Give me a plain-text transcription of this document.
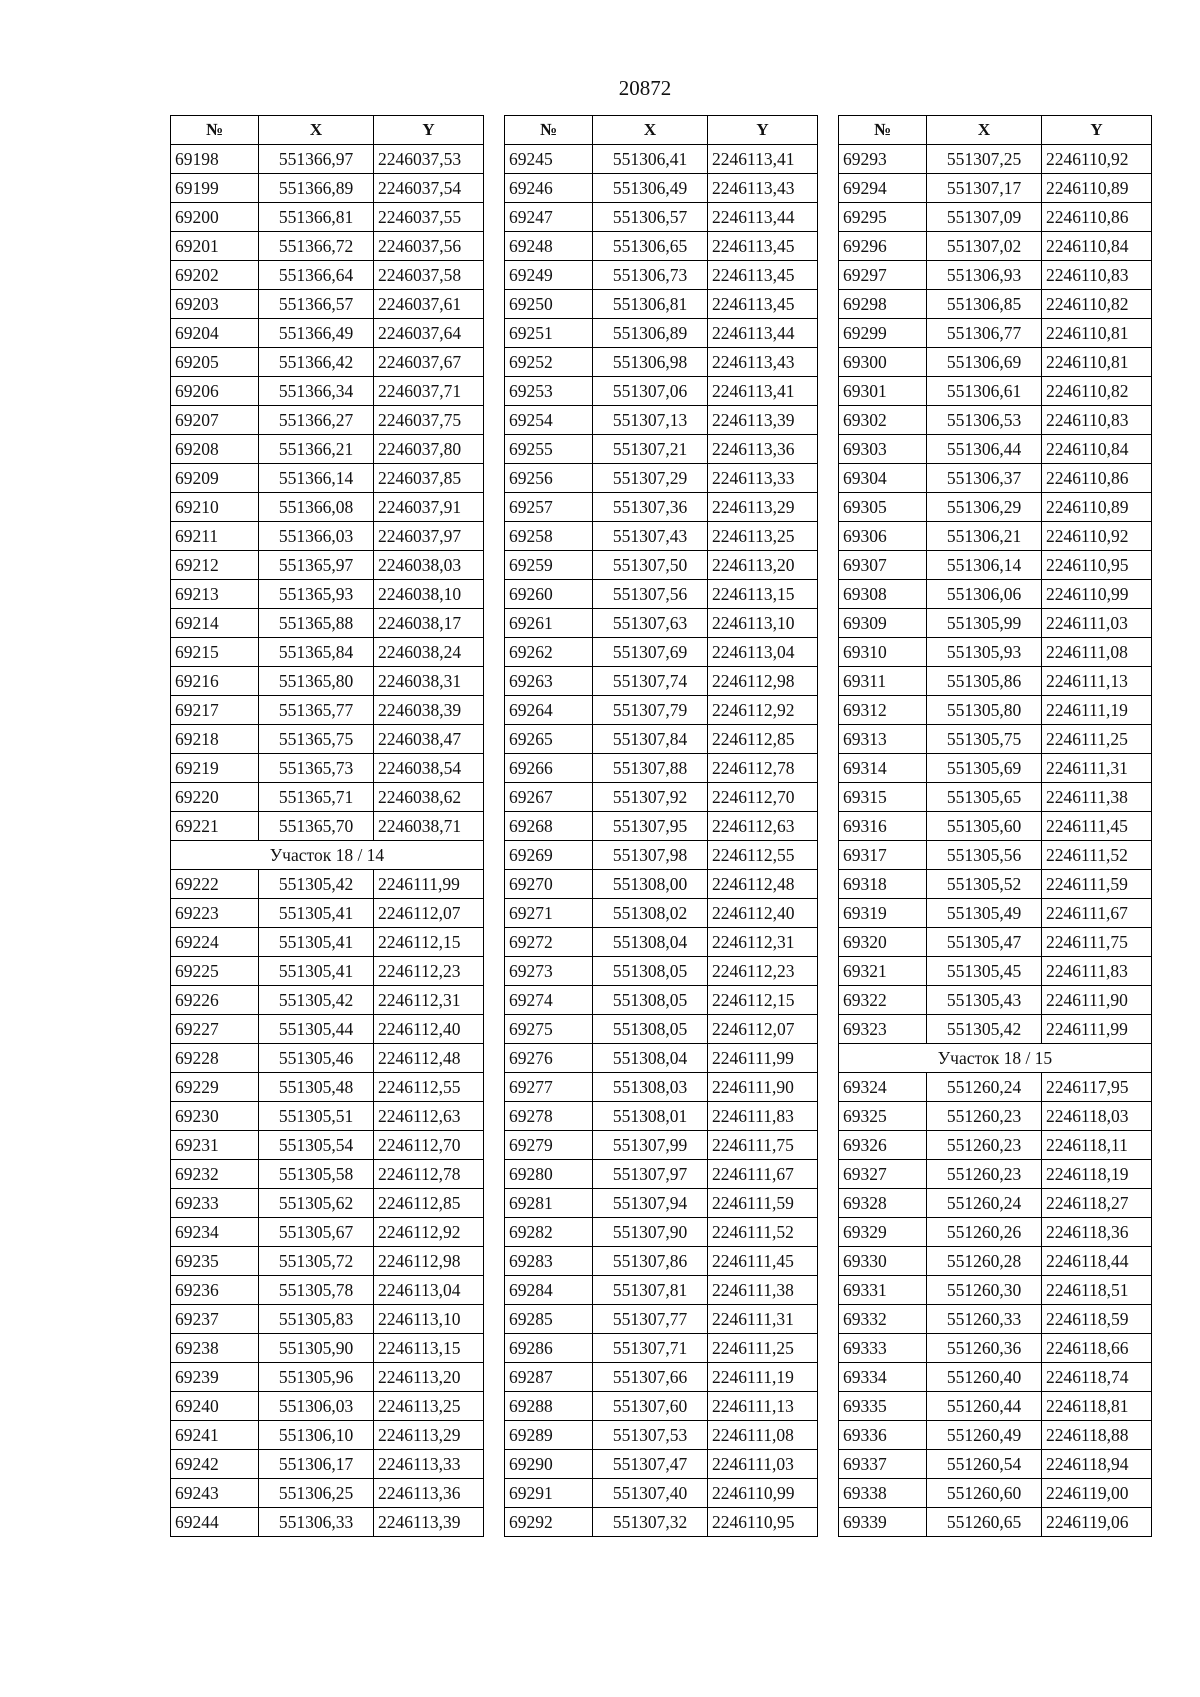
20872
№	X	Y
69198	551366,97	2246037,53
69199	551366,89	2246037,54
69200	551366,81	2246037,55
69201	551366,72	2246037,56
69202	551366,64	2246037,58
69203	551366,57	2246037,61
69204	551366,49	2246037,64
69205	551366,42	2246037,67
69206	551366,34	2246037,71
69207	551366,27	2246037,75
69208	551366,21	2246037,80
69209	551366,14	2246037,85
69210	551366,08	2246037,91
69211	551366,03	2246037,97
69212	551365,97	2246038,03
69213	551365,93	2246038,10
69214	551365,88	2246038,17
69215	551365,84	2246038,24
69216	551365,80	2246038,31
69217	551365,77	2246038,39
69218	551365,75	2246038,47
69219	551365,73	2246038,54
69220	551365,71	2246038,62
69221	551365,70	2246038,71
Участок 18 / 14		
69222	551305,42	2246111,99
69223	551305,41	2246112,07
69224	551305,41	2246112,15
69225	551305,41	2246112,23
69226	551305,42	2246112,31
69227	551305,44	2246112,40
69228	551305,46	2246112,48
69229	551305,48	2246112,55
69230	551305,51	2246112,63
69231	551305,54	2246112,70
69232	551305,58	2246112,78
69233	551305,62	2246112,85
69234	551305,67	2246112,92
69235	551305,72	2246112,98
69236	551305,78	2246113,04
69237	551305,83	2246113,10
69238	551305,90	2246113,15
69239	551305,96	2246113,20
69240	551306,03	2246113,25
69241	551306,10	2246113,29
69242	551306,17	2246113,33
69243	551306,25	2246113,36
69244	551306,33	2246113,39
№	X	Y
69245	551306,41	2246113,41
69246	551306,49	2246113,43
69247	551306,57	2246113,44
69248	551306,65	2246113,45
69249	551306,73	2246113,45
69250	551306,81	2246113,45
69251	551306,89	2246113,44
69252	551306,98	2246113,43
69253	551307,06	2246113,41
69254	551307,13	2246113,39
69255	551307,21	2246113,36
69256	551307,29	2246113,33
69257	551307,36	2246113,29
69258	551307,43	2246113,25
69259	551307,50	2246113,20
69260	551307,56	2246113,15
69261	551307,63	2246113,10
69262	551307,69	2246113,04
69263	551307,74	2246112,98
69264	551307,79	2246112,92
69265	551307,84	2246112,85
69266	551307,88	2246112,78
69267	551307,92	2246112,70
69268	551307,95	2246112,63
69269	551307,98	2246112,55
69270	551308,00	2246112,48
69271	551308,02	2246112,40
69272	551308,04	2246112,31
69273	551308,05	2246112,23
69274	551308,05	2246112,15
69275	551308,05	2246112,07
69276	551308,04	2246111,99
69277	551308,03	2246111,90
69278	551308,01	2246111,83
69279	551307,99	2246111,75
69280	551307,97	2246111,67
69281	551307,94	2246111,59
69282	551307,90	2246111,52
69283	551307,86	2246111,45
69284	551307,81	2246111,38
69285	551307,77	2246111,31
69286	551307,71	2246111,25
69287	551307,66	2246111,19
69288	551307,60	2246111,13
69289	551307,53	2246111,08
69290	551307,47	2246111,03
69291	551307,40	2246110,99
69292	551307,32	2246110,95
№	X	Y
69293	551307,25	2246110,92
69294	551307,17	2246110,89
69295	551307,09	2246110,86
69296	551307,02	2246110,84
69297	551306,93	2246110,83
69298	551306,85	2246110,82
69299	551306,77	2246110,81
69300	551306,69	2246110,81
69301	551306,61	2246110,82
69302	551306,53	2246110,83
69303	551306,44	2246110,84
69304	551306,37	2246110,86
69305	551306,29	2246110,89
69306	551306,21	2246110,92
69307	551306,14	2246110,95
69308	551306,06	2246110,99
69309	551305,99	2246111,03
69310	551305,93	2246111,08
69311	551305,86	2246111,13
69312	551305,80	2246111,19
69313	551305,75	2246111,25
69314	551305,69	2246111,31
69315	551305,65	2246111,38
69316	551305,60	2246111,45
69317	551305,56	2246111,52
69318	551305,52	2246111,59
69319	551305,49	2246111,67
69320	551305,47	2246111,75
69321	551305,45	2246111,83
69322	551305,43	2246111,90
69323	551305,42	2246111,99
Участок 18 / 15		
69324	551260,24	2246117,95
69325	551260,23	2246118,03
69326	551260,23	2246118,11
69327	551260,23	2246118,19
69328	551260,24	2246118,27
69329	551260,26	2246118,36
69330	551260,28	2246118,44
69331	551260,30	2246118,51
69332	551260,33	2246118,59
69333	551260,36	2246118,66
69334	551260,40	2246118,74
69335	551260,44	2246118,81
69336	551260,49	2246118,88
69337	551260,54	2246118,94
69338	551260,60	2246119,00
69339	551260,65	2246119,06
